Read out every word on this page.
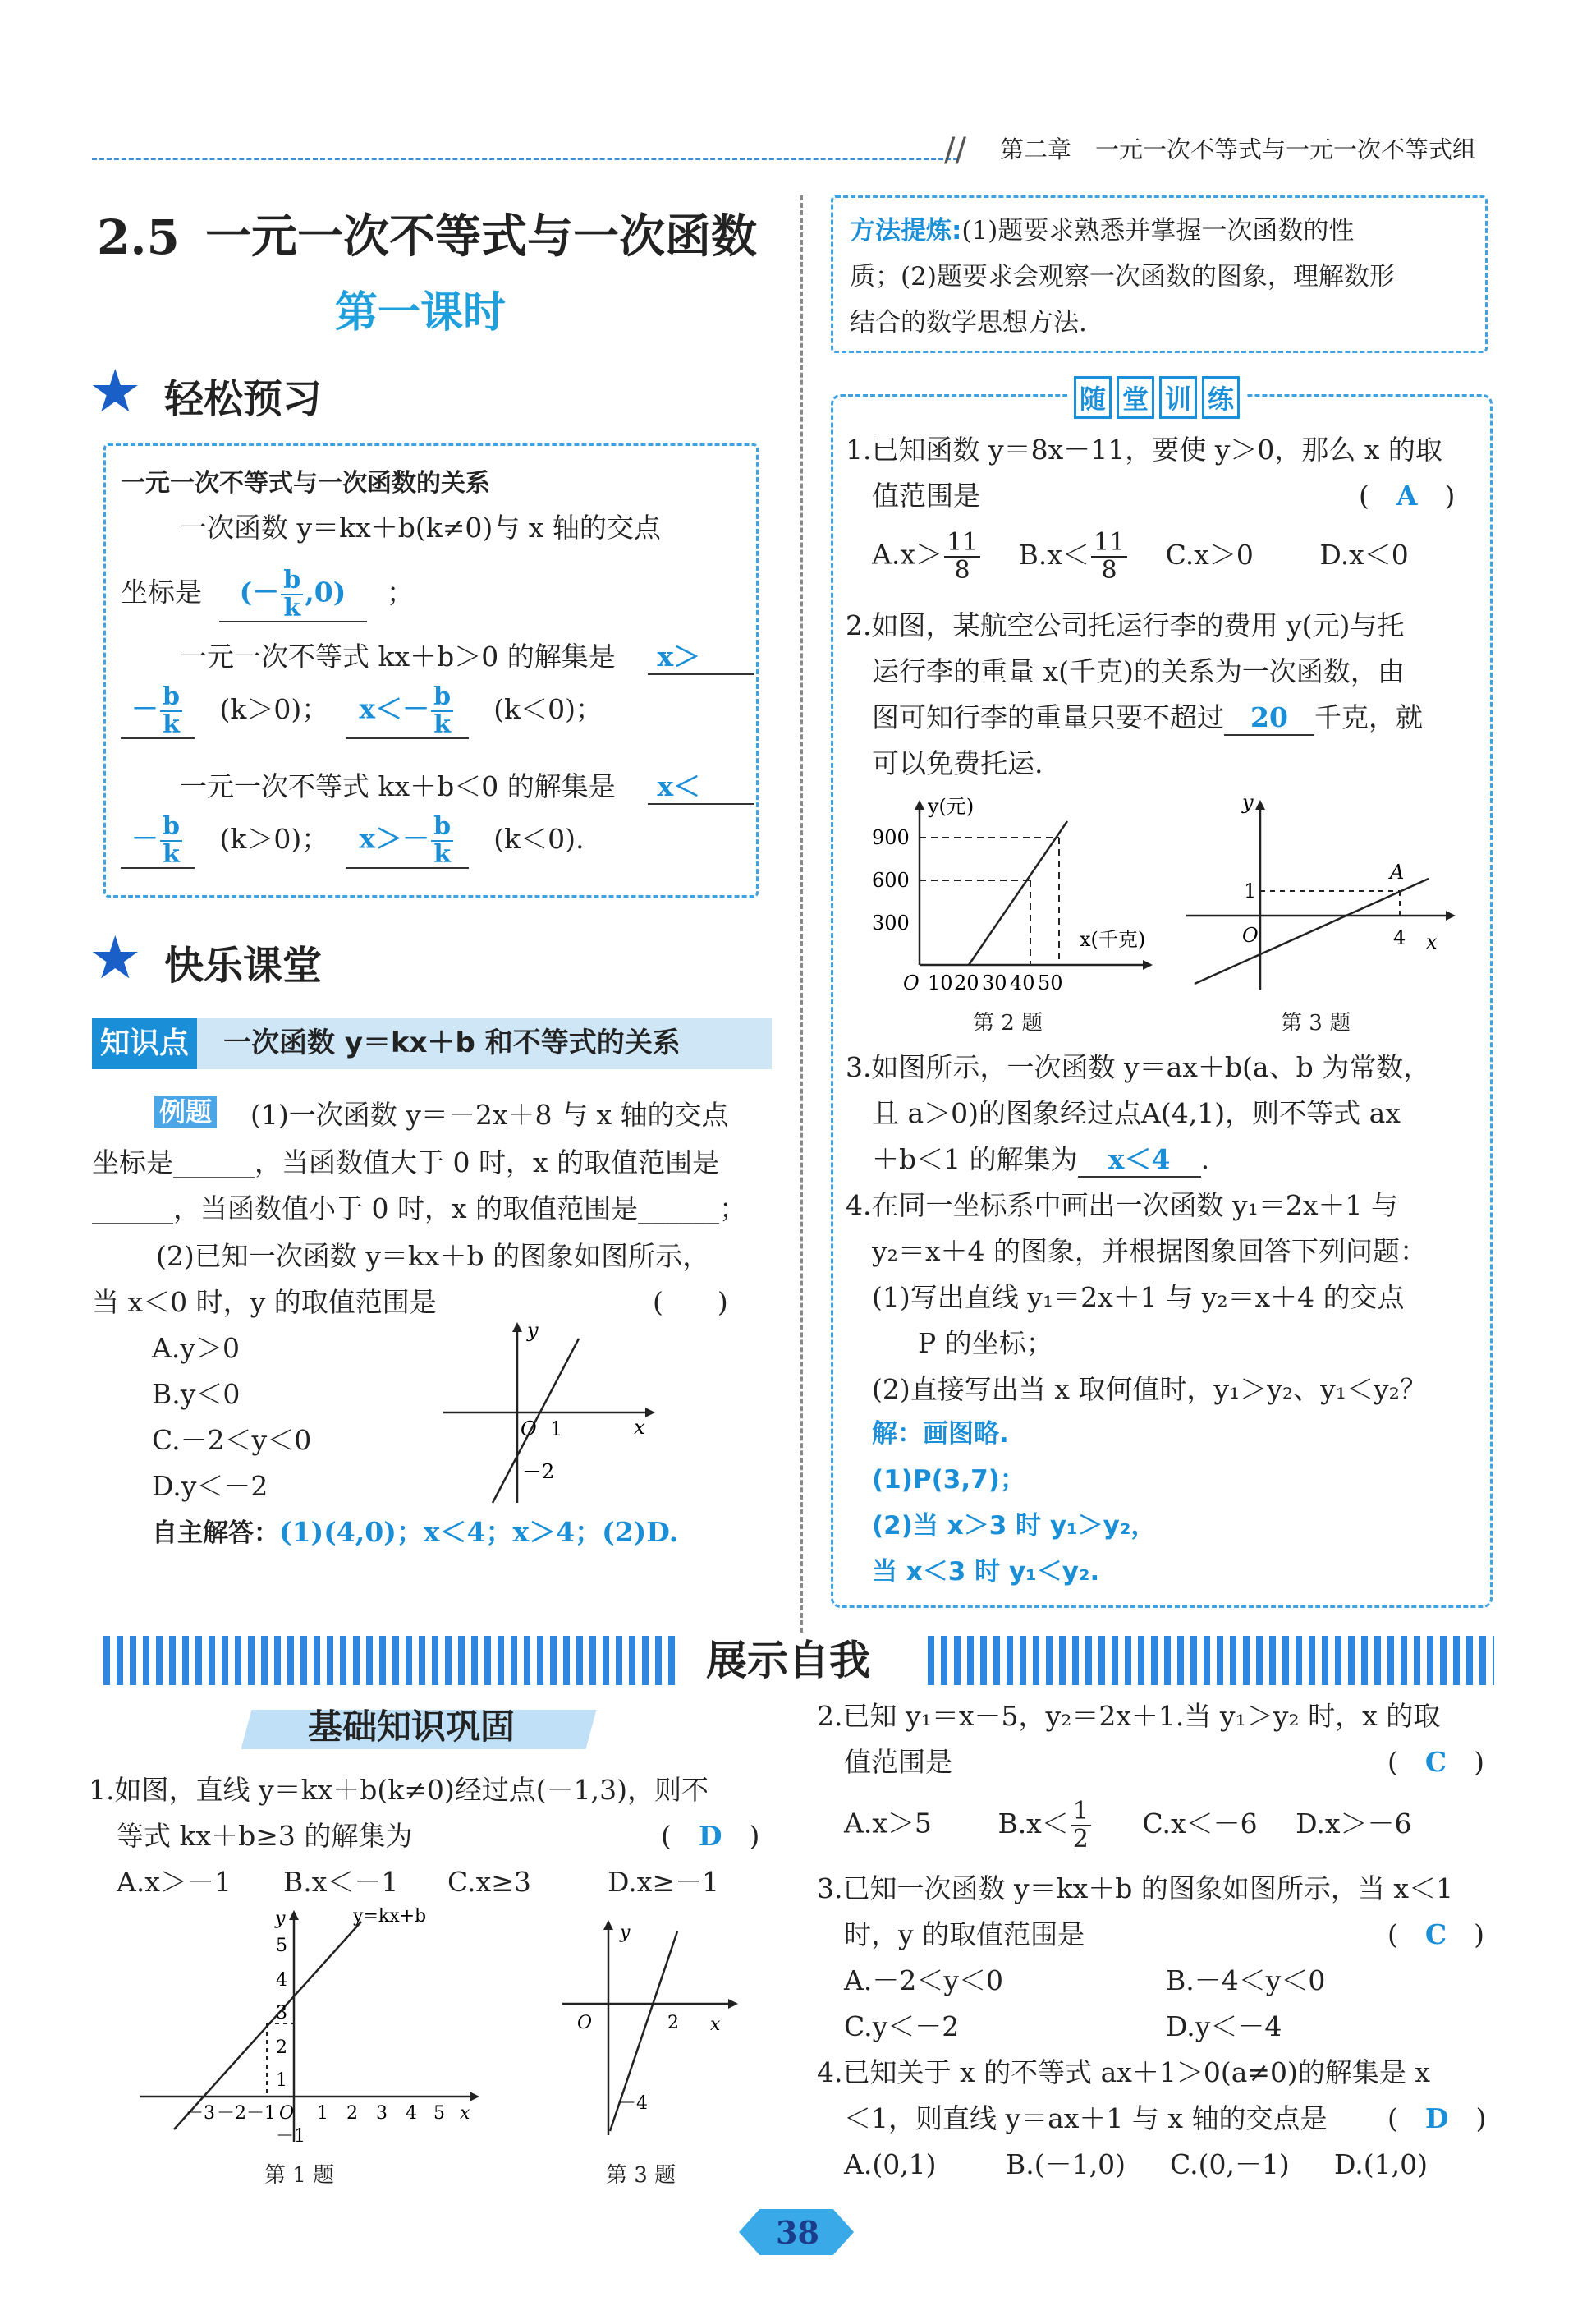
// 第二章　一元一次不等式与一元一次不等式组
2.5 一元一次不等式与一次函数
第一课时
★ 轻松预习
一元一次不等式与一次函数的关系
一次函数 y＝kx＋b(k≠0)与 x 轴的交点
坐标是 (－ $\frac{b}{k} ,0$) ；
一元一次不等式 kx＋b＞0 的解集是	x＞
－ $\frac{b}{k} (k>0)$； $x<- \frac{b}{k} (k<0)$；
一元一次不等式 kx＋b＜0 的解集是	x＜
－ $\frac{b}{k} (k>0)$； $x>- \frac{b}{k} (k<0)$.
★ 快乐课堂
知识点 一次函数 y＝kx＋b 和不等式的关系
例题 (1)一次函数 y＝－2x＋8 与 x 轴的交点
坐标是______，当函数值大于 0 时，x 的取值范围是
______，当函数值小于 0 时，x 的取值范围是______；
(2)已知一次函数 y＝kx＋b 的图象如图所示，
当 x＜0 时，y 的取值范围是	(　　)
A.y＞0
B.y＜0
C.－2＜y＜0
D.y＜－2
y
x
O 1
－2
自主解答：(1)(4,0)；x＜4；x＞4；(2)D.
方法提炼:(1)题要求熟悉并掌握一次函数的性
质；(2)题要求会观察一次函数的图象，理解数形
结合的数学思想方法.
随 堂 训 练
1.已知函数 y＝8x－11，要使 y＞0，那么 x 的取
值范围是	(　A　)
$A.x> \frac{11}{8} B.x< \frac{11}{8} C.x>0$ D.x＜0
2.如图，某航空公司托运行李的费用 y(元)与托
运行李的重量 x(千克)的关系为一次函数，由
图可知行李的重量只要不超过 20 千克，就
可以免费托运.
y(元)
x(千克)
900
600
300
O 10 20 30 40 50
第 2 题
y
x
O
A
1
4
第 3 题
3.如图所示，一次函数 y＝ax＋b(a、b 为常数，
且 a＞0)的图象经过点A(4,1)，则不等式 ax
＋b＜1 的解集为 x＜4 .
4.在同一坐标系中画出一次函数 y₁＝2x＋1 与
y₂＝x＋4 的图象，并根据图象回答下列问题：
(1)写出直线 y₁＝2x＋1 与 y₂＝x＋4 的交点
P 的坐标；
(2)直接写出当 x 取何值时，y₁＞y₂、y₁＜y₂？
解：画图略.
(1)P(3,7)；
(2)当 x＞3 时 y₁＞y₂，
当 x＜3 时 y₁＜y₂.
展示自我
基础知识巩固
1.如图，直线 y＝kx＋b(k≠0)经过点(－1,3)，则不
等式 kx＋b≥3 的解集为	(　D　)
A.x＞－1 B.x＜－1 C.x≥3	D.x≥－1
y	y=kx+b
x
5
4
3
2
1
－3 －2 －1 O 1 2 3 4 5
－1
第 1 题
y
x
O	2
－4
第 3 题
2.已知 y₁＝x－5，y₂＝2x＋1.当 y₁＞y₂ 时，x 的取
值范围是	(　C　)
A.x＞5 $B.x< \frac{1}{2} C.x<-6$ D.x＞－6
3.已知一次函数 y＝kx＋b 的图象如图所示，当 x＜1
时，y 的取值范围是	(　C　)
A.－2＜y＜0	B.－4＜y＜0
C.y＜－2	D.y＜－4
4.已知关于 x 的不等式 ax＋1＞0(a≠0)的解集是 x
＜1，则直线 y＝ax＋1 与 x 轴的交点是 (　D　)
A.(0,1)	B.(－1,0) C.(0,－1) D.(1,0)
38
